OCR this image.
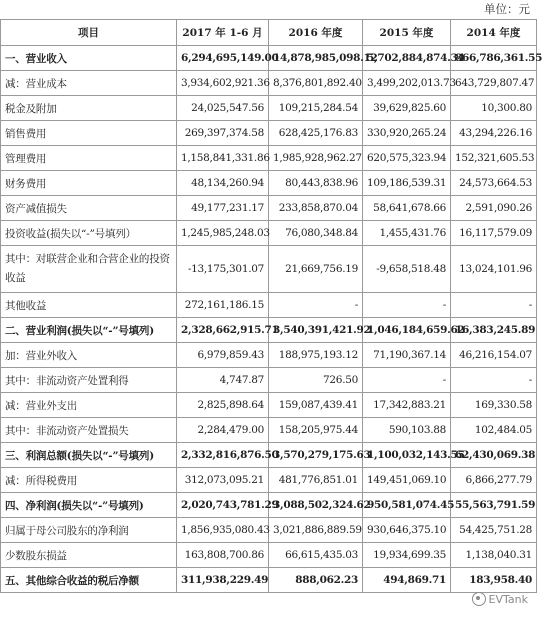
单位：元
项目	2017 年 1-6 月	2016 年度	2015 年度	2014 年度
一、营业收入	6,294,695,149.00	14,878,985,098.12	5,702,884,874.34	866,786,361.55
减：营业成本	3,934,602,921.36	8,376,801,892.40	3,499,202,013.73	643,729,807.47
税金及附加	24,025,547.56	109,215,284.54	39,629,825.60	10,300.80
销售费用	269,397,374.58	628,425,176.83	330,920,265.24	43,294,226.16
管理费用	1,158,841,331.86	1,985,928,962.27	620,575,323.94	152,321,605.53
财务费用	48,134,260.94	80,443,838.96	109,186,539.31	24,573,664.53
资产减值损失	49,177,231.17	233,858,870.04	58,641,678.66	2,591,090.26
投资收益(损失以“-”号填列）	1,245,985,248.03	76,080,348.84	1,455,431.76	16,117,579.09
其中：对联营企业和合营企业的投资收益	-13,175,301.07	21,669,756.19	-9,658,518.48	13,024,101.96
其他收益	272,161,186.15	-	-	-
二、营业利润(损失以“-”号填列)	2,328,662,915.71	3,540,391,421.92	1,046,184,659.62	16,383,245.89
加：营业外收入	6,979,859.43	188,975,193.12	71,190,367.14	46,216,154.07
其中：非流动资产处置利得	4,747.87	726.50	-	-
减：营业外支出	2,825,898.64	159,087,439.41	17,342,883.21	169,330.58
其中：非流动资产处置损失	2,284,479.00	158,205,975.44	590,103.88	102,484.05
三、利润总额(损失以“-”号填列)	2,332,816,876.50	3,570,279,175.63	1,100,032,143.55	62,430,069.38
减：所得税费用	312,073,095.21	481,776,851.01	149,451,069.10	6,866,277.79
四、净利润(损失以“-”号填列)	2,020,743,781.29	3,088,502,324.62	950,581,074.45	55,563,791.59
归属于母公司股东的净利润	1,856,935,080.43	3,021,886,889.59	930,646,375.10	54,425,751.28
少数股东损益	163,808,700.86	66,615,435.03	19,934,699.35	1,138,040.31
五、其他综合收益的税后净额	311,938,229.49	888,062.23	494,869.71	183,958.40
EVTank
